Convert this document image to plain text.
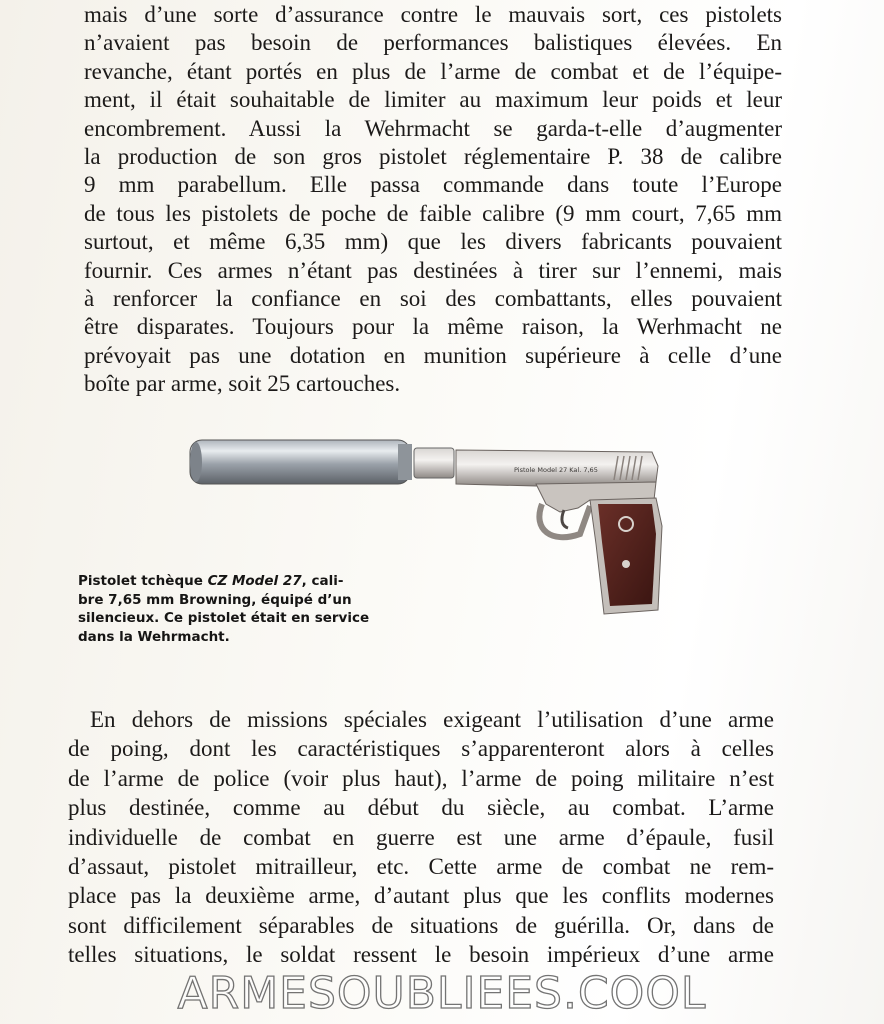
mais d’une sorte d’assurance contre le mauvais sort, ces pistolets
n’avaient pas besoin de performances balistiques élevées. En
revanche, étant portés en plus de l’arme de combat et de l’équipe-
ment, il était souhaitable de limiter au maximum leur poids et leur
encombrement. Aussi la Wehrmacht se garda-t-elle d’augmenter
la production de son gros pistolet réglementaire P. 38 de calibre
9 mm parabellum. Elle passa commande dans toute l’Europe
de tous les pistolets de poche de faible calibre (9 mm court, 7,65 mm
surtout, et même 6,35 mm) que les divers fabricants pouvaient
fournir. Ces armes n’étant pas destinées à tirer sur l’ennemi, mais
à renforcer la confiance en soi des combattants, elles pouvaient
être disparates. Toujours pour la même raison, la Werhmacht ne
prévoyait pas une dotation en munition supérieure à celle d’une
boîte par arme, soit 25 cartouches.
Pistole Model 27 Kal. 7,65
Pistolet tchèque CZ Model 27, cali-
bre 7,65 mm Browning, équipé d’un
silencieux. Ce pistolet était en service
dans la Wehrmacht.
En dehors de missions spéciales exigeant l’utilisation d’une arme
de poing, dont les caractéristiques s’apparenteront alors à celles
de l’arme de police (voir plus haut), l’arme de poing militaire n’est
plus destinée, comme au début du siècle, au combat. L’arme
individuelle de combat en guerre est une arme d’épaule, fusil
d’assaut, pistolet mitrailleur, etc. Cette arme de combat ne rem-
place pas la deuxième arme, d’autant plus que les conflits modernes
sont difficilement séparables de situations de guérilla. Or, dans de
telles situations, le soldat ressent le besoin impérieux d’une arme
ARMESOUBLIEES.COOL
